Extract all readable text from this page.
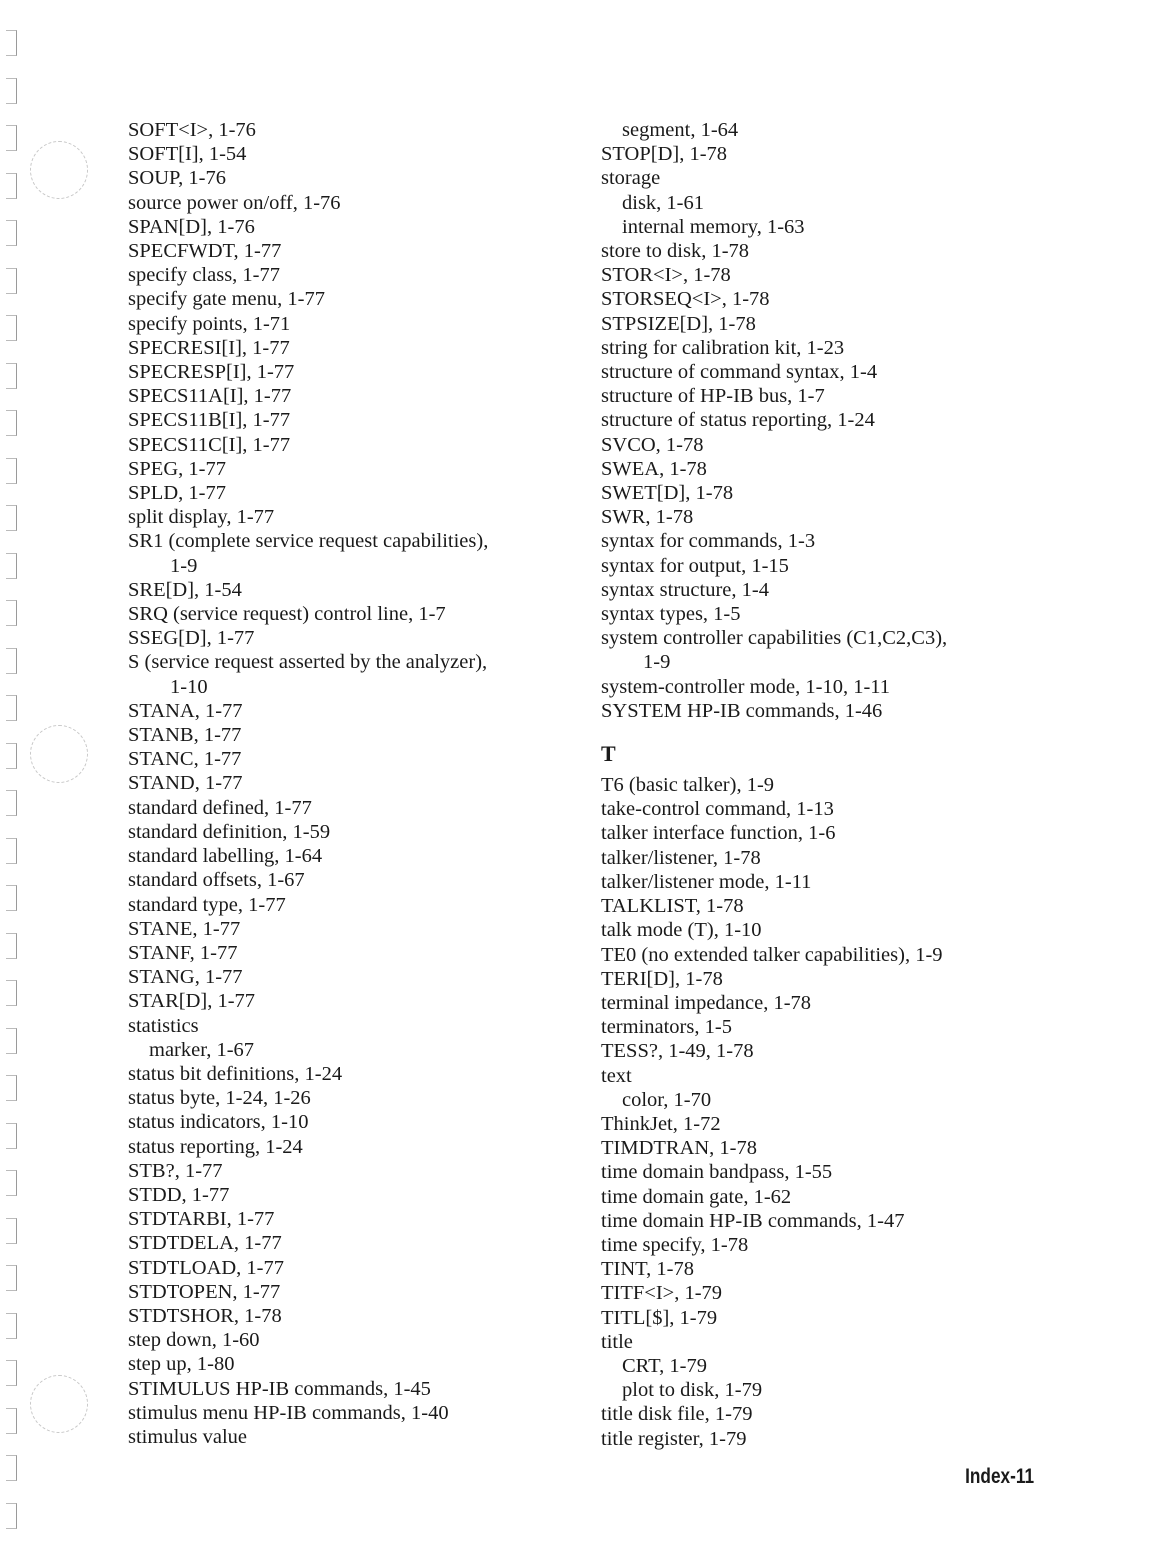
SOFT<I>, 1-76
SOFT[I], 1-54
SOUP, 1-76
source power on/off, 1-76
SPAN[D], 1-76
SPECFWDT, 1-77
specify class, 1-77
specify gate menu, 1-77
specify points, 1-71
SPECRESI[I], 1-77
SPECRESP[I], 1-77
SPECS11A[I], 1-77
SPECS11B[I], 1-77
SPECS11C[I], 1-77
SPEG, 1-77
SPLD, 1-77
split display, 1-77
SR1 (complete service request capabilities),
1-9
SRE[D], 1-54
SRQ (service request) control line, 1-7
SSEG[D], 1-77
S (service request asserted by the analyzer),
1-10
STANA, 1-77
STANB, 1-77
STANC, 1-77
STAND, 1-77
standard defined, 1-77
standard definition, 1-59
standard labelling, 1-64
standard offsets, 1-67
standard type, 1-77
STANE, 1-77
STANF, 1-77
STANG, 1-77
STAR[D], 1-77
statistics
marker, 1-67
status bit definitions, 1-24
status byte, 1-24, 1-26
status indicators, 1-10
status reporting, 1-24
STB?, 1-77
STDD, 1-77
STDTARBI, 1-77
STDTDELA, 1-77
STDTLOAD, 1-77
STDTOPEN, 1-77
STDTSHOR, 1-78
step down, 1-60
step up, 1-80
STIMULUS HP-IB commands, 1-45
stimulus menu HP-IB commands, 1-40
stimulus value
segment, 1-64
STOP[D], 1-78
storage
disk, 1-61
internal memory, 1-63
store to disk, 1-78
STOR<I>, 1-78
STORSEQ<I>, 1-78
STPSIZE[D], 1-78
string for calibration kit, 1-23
structure of command syntax, 1-4
structure of HP-IB bus, 1-7
structure of status reporting, 1-24
SVCO, 1-78
SWEA, 1-78
SWET[D], 1-78
SWR, 1-78
syntax for commands, 1-3
syntax for output, 1-15
syntax structure, 1-4
syntax types, 1-5
system controller capabilities (C1,C2,C3),
1-9
system-controller mode, 1-10, 1-11
SYSTEM HP-IB commands, 1-46
T
T6 (basic talker), 1-9
take-control command, 1-13
talker interface function, 1-6
talker/listener, 1-78
talker/listener mode, 1-11
TALKLIST, 1-78
talk mode (T), 1-10
TE0 (no extended talker capabilities), 1-9
TERI[D], 1-78
terminal impedance, 1-78
terminators, 1-5
TESS?, 1-49, 1-78
text
color, 1-70
ThinkJet, 1-72
TIMDTRAN, 1-78
time domain bandpass, 1-55
time domain gate, 1-62
time domain HP-IB commands, 1-47
time specify, 1-78
TINT, 1-78
TITF<I>, 1-79
TITL[$], 1-79
title
CRT, 1-79
plot to disk, 1-79
title disk file, 1-79
title register, 1-79
Index-11
